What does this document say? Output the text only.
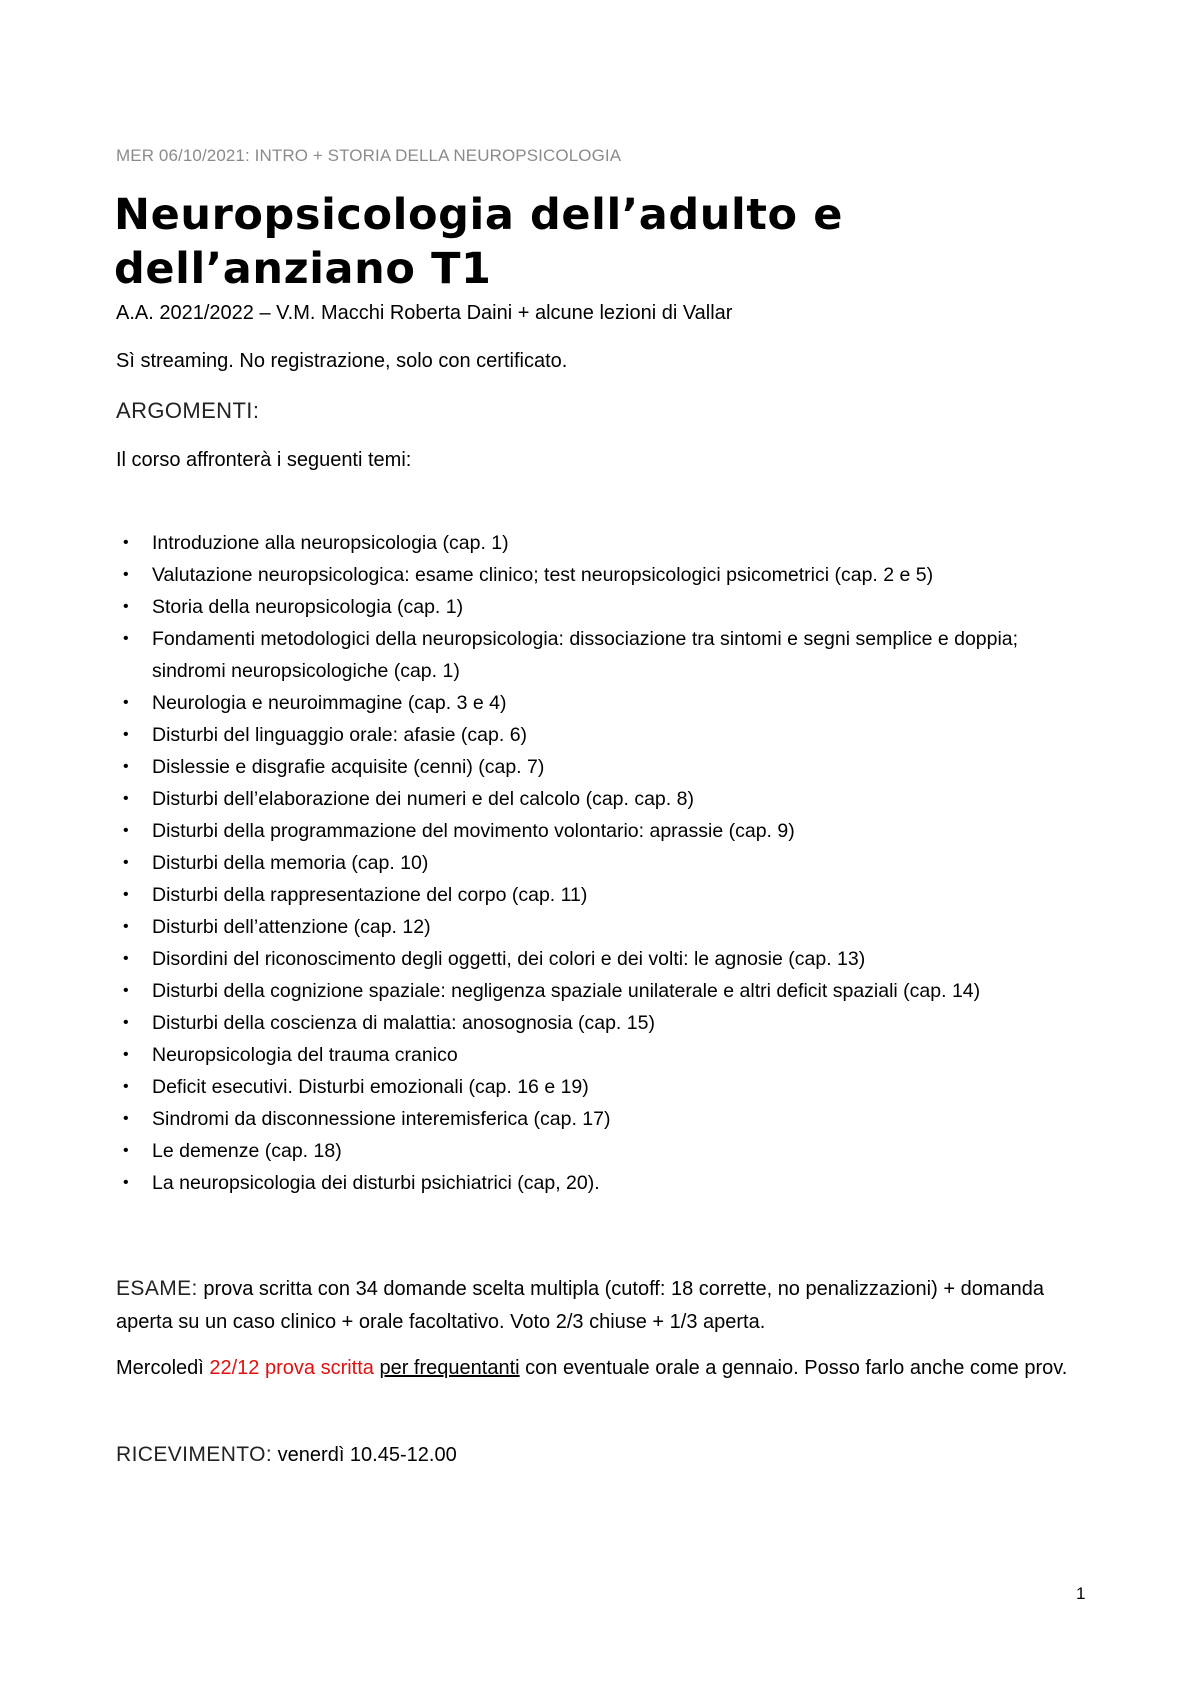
MER 06/10/2021: INTRO + STORIA DELLA NEUROPSICOLOGIA
Neuropsicologia dell’adulto e dell’anziano T1
A.A. 2021/2022 – V.M. Macchi Roberta Daini + alcune lezioni di Vallar
Sì streaming. No registrazione, solo con certificato.
ARGOMENTI:
Il corso affronterà i seguenti temi:
• Introduzione alla neuropsicologia (cap. 1)
• Valutazione neuropsicologica: esame clinico; test neuropsicologici psicometrici (cap. 2 e 5)
• Storia della neuropsicologia (cap. 1)
• Fondamenti metodologici della neuropsicologia: dissociazione tra sintomi e segni semplice e doppia; sindromi neuropsicologiche (cap. 1)
• Neurologia e neuroimmagine (cap. 3 e 4)
• Disturbi del linguaggio orale: afasie (cap. 6)
• Dislessie e disgrafie acquisite (cenni) (cap. 7)
• Disturbi dell’elaborazione dei numeri e del calcolo (cap. cap. 8)
• Disturbi della programmazione del movimento volontario: aprassie (cap. 9)
• Disturbi della memoria (cap. 10)
• Disturbi della rappresentazione del corpo (cap. 11)
• Disturbi dell’attenzione (cap. 12)
• Disordini del riconoscimento degli oggetti, dei colori e dei volti: le agnosie (cap. 13)
• Disturbi della cognizione spaziale: negligenza spaziale unilaterale e altri deficit spaziali (cap. 14)
• Disturbi della coscienza di malattia: anosognosia (cap. 15)
• Neuropsicologia del trauma cranico
• Deficit esecutivi. Disturbi emozionali (cap. 16 e 19)
• Sindromi da disconnessione interemisferica (cap. 17)
• Le demenze (cap. 18)
• La neuropsicologia dei disturbi psichiatrici (cap, 20).
ESAME: prova scritta con 34 domande scelta multipla (cutoff: 18 corrette, no penalizzazioni) + domanda aperta su un caso clinico + orale facoltativo. Voto 2/3 chiuse + 1/3 aperta.
Mercoledì 22/12 prova scritta per frequentanti con eventuale orale a gennaio. Posso farlo anche come prov.
RICEVIMENTO: venerdì 10.45-12.00
1
